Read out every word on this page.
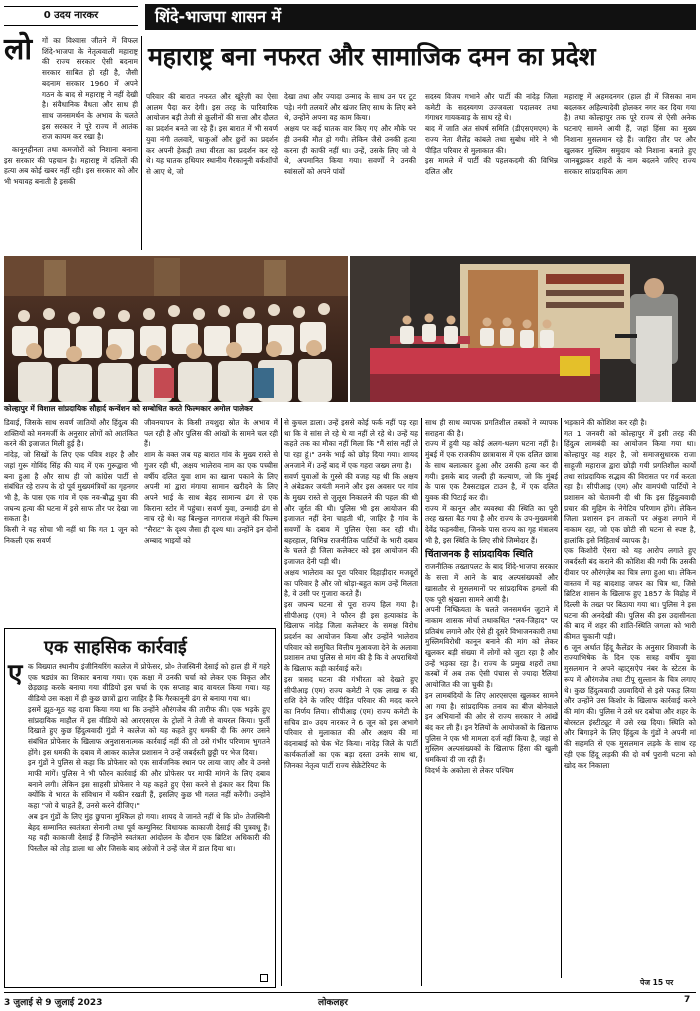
0 उदय नारकर	शिंदे-भाजपा शासन में
महाराष्ट्र बना नफरत और सामाजिक दमन का प्रदेश
लो गों का विश्वास जीतने में विफल शिंदे-भाजपा के नेतृत्ववाली महाराष्ट्र की राज्य सरकार ऐसी बदनाम सरकार साबित हो रही है, जैसी बदनाम सरकार 1960 में अपने गठन के बाद से महाराष्ट्र ने नहीं देखी है। संवैधानिक वैधता और साथ ही साथ जनसमर्थन के अभाव के चलते इस सरकार ने पूरे राज्य में आतंक राज कायम कर रखा है।

कानूनहीनता तथा कमजोरों को निशाना बनाना इस सरकार की पहचान है। महाराष्ट्र में दलितों की हत्या अब कोई खबर नहीं रही। इस सरकार को और भी भयावह बनाती है इसकी

परिवार की बारात नफरत और खूंरेज़ी का ऐसा आलम पैदा कर देगी। इस तरह के पारिवारिक आयोजन बड़ी तेजी से क़ूलीनों की सत्ता और दौलत का प्रदर्शन बनते जा रहे हैं। इस बारात में भी सवर्ण युवा नंगी तलवारें, चाकुओं और छुरों का प्रदर्शन कर अपनी हेकड़ी तथा वीरता का प्रदर्शन कर रहे थे। यह घातक हथियार स्थानीय गैरकानूनी वर्कशॉपों से आए थे, जो

देखा तथा और ज्यादा उन्माद के साथ उन पर टूट पड़े। नंगी तलवारें और खंजर लिए साथ के लिए बने थे, उन्होंने अपना वह काम किया।
अक्षय पर कई घातक वार किए गए और मौके पर ही उनकी मौत हो गयी। लेकिन जैसे उनकी हत्या करना ही काफी नहीं था। उन्हें, उसके लिए जो वे थे, अपमानित किया गया। सवर्णों ने उनकी स्वांसलों को अपने पांवों

सदस्य विजय गभाने और पार्टी की नांदेड़ जिला कमेटी के सदस्यगण उज्जवला पदालवर तथा गंगाधर गायकवाड़ के साथ रहे थे।
बाद में जाति अंत संघर्ष समिति (डीएसएमएम) के राज्य नेता शैलेंद्र कांबले तथा सुबोध मोरे ने भी पीड़ित परिवार से मुलाकात की।
इस मामले में पार्टी की पहलकदमी की विभिन्न दलित और

महाराष्ट्र में अहमदनगर (हाल ही में जिसका नाम बदलकर अहिल्यादेवी होलकर नगर कर दिया गया है) तथा कोल्हापुर तक पूरे राज्य से ऐसी अनेक घटनाएं सामने आयी हैं, जहां हिंसा का मुख्य निशाना मुसलमान रहे हैं। जाहिरा तौर पर और खुलकर मुस्लिम समुदाय को निशाना बनाते हुए जानबूझकर शहरों के नाम बदलने जरिए राज्य सरकार सांप्रदायिक आग

कोल्हापुर में विशाल सांप्रदायिक सौहार्द कन्वेंशन को सम्बोधित करते फिल्मकार अमोल पालेकर

डिवाई, जिसके साथ सवर्ण जातियों और हिंदुत्व की शक्तियों को मनमर्जी के अनुसार लोगों को आतंकित करने की इजाजत मिली हुई है।
नांदेड़, जो सिखों के लिए एक पवित्र शहर है और जहां गुरू गोविंद सिंह की याद में एक गुरूद्वारा भी बना हुआ है और साथ ही जो कांग्रेस पार्टी से संबंधित रहे राज्य के दो पूर्व मुख्यमंत्रियों का गृहनगर भी है, के पास एक गांव में एक नव-बौद्ध युवा की जघन्य हत्या की घटना में इसे साफ तौर पर देखा जा सकता है।
किसी ने यह सोचा भी नहीं था कि गत 1 जून को निकली एक सवर्ण

जीवनयापन के किसी तयशुदा स्रोत के अभाव में पल रही है और पुलिस की आंखों के सामने चल रही हैं।
शाम के वक्त जब यह बारात गांव के मुख्य रास्ते से गुजर रही थी, अक्षय भालेराव नाम का एक पच्चीस वर्षीय दलित युवा शाम का खाना पकाने के लिए अपनी मां द्वारा मंगाया सामान खरीदने के लिए अपने भाई के साथ बेहद सामान्य ढंग से एक किराना स्टोर में पहुंचा। सवर्ण युवा, उन्मादी ढंग से नाच रहे थे। यह बिल्कुल नागराज मंजुले की फिल्म "सैराट" के दृश्य जैसा ही दृश्य था। उन्होंने इन दोनों अम्बाद भाइयों को

से कुचल डाला। उन्हें इससे कोई फर्क नहीं पड़ रहा था कि वे सांस ले रहे थे या नहीं ले रहे थे। उन्हें यह कहते तक का मौका नहीं मिला कि "मैं सांस नहीं ले पा रहा हूं।" उनके भाई को छोड़ दिया गया। शायद अनजाने में। उन्हें बाद में एक गहरा जख्म लगा है।
सवर्ण युवाओं के गुस्से की वजह यह थी कि अक्षय ने अंबेडकर जयंती मनाने और इस अवसर पर गांव के मुख्य रास्ते से जुलूस निकालने की पहल की थी और जुर्रत की थी। पुलिस भी इस आयोजन की इजाजत नहीं देना चाहती थी, जाहिर है गांव के सवर्णों के दबाव में पुलिस ऐसा कर रही थी। बहरहाल, विभिन्न राजनीतिक पार्टियों के भारी दबाव के चलते ही जिला कलेक्टर को इस आयोजन की इजाजत देनी पड़ी थी।
अक्षय भालेराव का पूरा परिवार दिहाड़ीदार मजदूरों का परिवार है और जो थोड़ा-बहुत काम उन्हें मिलता है, वे उसी पर गुजारा करते हैं।
इस जघन्य घटना से पूरा राज्य हिल गया है। सीपीआइ (एम) ने फौरन ही इस हत्याकांड के खिलाफ नांदेड़ जिला कलेक्टर के समक्ष विरोध प्रदर्शन का आयोजन किया और उन्होंने भालेराव परिवार को समुचित वित्तीय मुआवजा देने के अलावा प्रशासन तथा पुलिस से मांग की है कि वे अपराधियों के खिलाफ कड़ी कार्रवाई करें।
इस त्रासद घटना की गंभीरता को देखते हुए सीपीआइ (एम) राज्य कमेटी ने एक लाख रु की राशि देने के जरिए पीड़ित परिवार की मदद करने का निर्णय लिया। सीपीआइ (एम) राज्य कमेटी के सचिव डा० उदय नारकर ने 6 जून को इस अभागे परिवार से मुलाकात की और अक्षय की मां वंदनाबाई को चेक भेंट किया। नांदेड़ जिले के पार्टी कार्यकर्ताओं का एक बड़ा दस्ता उनके साथ था, जिनका नेतृत्व पार्टी राज्य सेक्रेटेरियट के

साथ ही साथ व्यापक प्रगतिशील तबकों ने व्यापक सराहना की है।
राज्य में हुयी यह कोई अलग-थलग घटना नहीं है। मुंबई में एक राजकीय छात्रावास में एक दलित छात्रा के साथ बलात्कार हुआ और उसकी हत्या कर दी गयी। इसके बाद जल्दी ही कल्याण, जो कि मुंबई के पास एक टैक्सटाइल टाउन है, में एक दलित युवक की पिटाई कर दी।
राज्य में कानून और व्यवस्था की स्थिति का पूरी तरह खस्ता बैठ गया है और राज्य के उप-मुख्यमंत्री देवेंद्र फड़नवीस, जिनके पास राज्य का गृह मंत्रालय भी है, इस स्थिति के लिए सीधे जिम्मेदार हैं।

चिंताजनक है सांप्रदायिक स्थिति

राजनीतिक तख्तापलट के बाद शिंदे-भाजपा सरकार के सत्ता में आने के बाद अल्पसंख्यकों और खासतौर से मुसलमानों पर सांप्रदायिक हमलों की एक पूरी श्रृंखला सामने आयी है।
अपनी निष्क्रियता के चलते जनसमर्थन जुटाने में नाकाम शासक मोर्चा तथाकथित "लव-जिहाद" पर प्रतिबंध लगाने और ऐसे ही दूसरे विभाजनकारी तथा मुस्लिमविरोधी कानून बनाने की मांग को लेकर खुलकर बड़ी संख्या में लोगों को जुटा रहा है और उन्हें भड़का रहा है। राज्य के प्रमुख शहरों तथा कस्बों में अब तक ऐसी पंचास से ज्यादा रैलियां आयोजित की जा चुकी हैं।
इन लामबंदियों के लिए आरएसएस खुलकर सामने आ गया है। सांप्रदायिक तनाव का बीज बोनेवाले इन अभियानों की ओर से राज्य सरकार ने आंखें बंद कर ली हैं। इन रैलियों के आयोजकों के खिलाफ पुलिस ने एक भी मामला दर्ज नहीं किया है, जहां से मुस्लिम अल्पसंख्यकों के खिलाफ हिंसा की खुली धमकियां दी जा रही हैं।
विदर्भ के अकोला से लेकर पश्चिम

भड़काने की कोशिश कर रही है।
गत 1 जनवरी को कोल्हापुर में इसी तरह की हिंदुत्व लामबंदी का आयोजन किया गया था। कोल्हापुर वह शहर है, जो समाजसुधारक राजा साहूजी महाराज द्वारा छोड़ी गयी प्रगतिशील कार्यों तथा सांप्रदायिक सद्भाव की विरासत पर गर्व करता रहा है। सीपीआइ (एम) और वामपंथी पार्टियों ने प्रशासन को चेतावनी दी थी कि इस हिंदुत्ववादी प्रचार की मुहिम के नेगेटिव परिणाम होंगे। लेकिन जिला प्रशासन इन ताकतों पर अंकुश लगाने में नाकाम रहा, जो एक छोटी सी घटना से स्पष्ट है, हालांकि इसे निहितार्थ व्यापक है।
एक किशोरी ऐसरा को यह आरोप लगाते हुए जबर्दस्ती बंद कराने की कोशिश की गयी कि उसकी दीवार पर औरंगज़ेब का चित्र लगा हुआ था। लेकिन वास्तव में यह बादशाह जफर का चित्र था, जिसे ब्रिटिश शासन के खिलाफ हुए 1857 के विद्रोह में दिल्ली के तख्त पर बिठाया गया था। पुलिस ने इस घटना की अनदेखी की। पुलिस की इस उदासीनता की बाद में शहर की शांति-स्थिति जगला को भारी कीमत चुकानी पड़ी।
6 जून अर्थात हिंदू कैलेंडर के अनुसार शिवाजी के राज्याभिषेक के दिन एक सत्रह वर्षीय युवा मुसलमान ने अपने व्हाट्सऐप नंबर के स्टेटस के रूप में औरंगजेब तथा टीपू सुल्तान के चित्र लगाए थे। कुछ हिंदुत्ववादी उग्रवादियों से इसे पकड़ लिया और उन्होंने उस किशोर के खिलाफ कार्रवाई करने की मांग की। पुलिस ने उसे धर दबोचा और शहर के बोरस्टल इंस्टीट्यूट में उसे रख दिया। स्थिति को और बिगाड़ने के लिए हिंदुत्व के गुंडों ने अपनी मां की सहमति से एक मुसलमान लड़के के साथ रह रही एक हिंदू लड़की की दो वर्ष पुरानी घटना को खोद कर निकाला

पेज 15 पर
एक साहसिक कार्रवाई
ए क विख्यात स्थानीय इंजीनियरिंग कालेज में प्रोफेसर, प्रो० तेजस्विनी देसाई को हाल ही में गहरे एक षड्यंत्र का शिकार बनाया गया। एक कक्षा में उनकी चर्चा को लेकर एक विकृत और छेड़छाड़ करके बनाया गया वीडियो इस चर्चा के एक सप्ताह बाद वायरल किया गया। यह वीडियो उस कक्षा में ही कुछ छात्रों द्वारा जाहिर है कि गैरकानूनी ढंग से बनाया गया था।
इसमें झूठ-मूठ यह दावा किया गया था कि उन्होंने औरंगजेब की तारीफ की। एक भड़के हुए सांप्रदायिक माहौल में इस वीडियो को आरएसएस के ट्रोलों ने तेजी से वायरल किया। फुर्ती दिखाते हुए कुछ हिंदुत्ववादी गुंडों ने कालेज को यह कहते हुए धमकी दी कि अगर उसने संबंधित प्रोफेसर के खिलाफ अनुशासनात्मक कार्रवाई नहीं की तो उसे गंभीर परिणाम भुगतने होंगे। इस धमकी के दबाव में आकर कालेज प्रशासन ने उन्हें जबर्दस्ती छुट्टी पर भेज दिया।
इन गुंडों ने पुलिस से कहा कि प्रोफेसर को एक सार्वजनिक स्थान पर लाया जाए और वे उनसे माफी मांगें। पुलिस ने भी फौरन कार्रवाई की और प्रोफेसर पर माफी मांगने के लिए दबाव बनाने लगी। लेकिन इस साहसी प्रोफेसर ने यह कहते हुए ऐसा करने से इंकार कर दिया कि क्योंकि वे भारत के संविधान में यकीन रखती हैं, इसलिए कुछ भी गलत नहीं करेंगी। उन्होंने कहा "जो वे चाहते हैं, उनसे करने दीजिए।"
अब इन गुंडों के लिए मुंह छुपाना मुश्किल हो गया। शायद वे जानते नहीं थे कि प्रो० तेजस्विनी बेहद सम्मानित स्वतंत्रता सेनानी तथा पूर्व कम्युनिस्ट विधायक काकाजी देसाई की पुत्रवधू हैं। यह वही काकाजी देसाई हैं जिन्होंने स्वतंत्रता आंदोलन के दौरान एक ब्रिटिश अधिकारी की पिस्तौल को तोड़ डाला था और जिसके बाद अंग्रेजों ने उन्हें जेल में डाल दिया था।

3 जुलाई से 9 जुलाई 2023	लोकलहर	7
